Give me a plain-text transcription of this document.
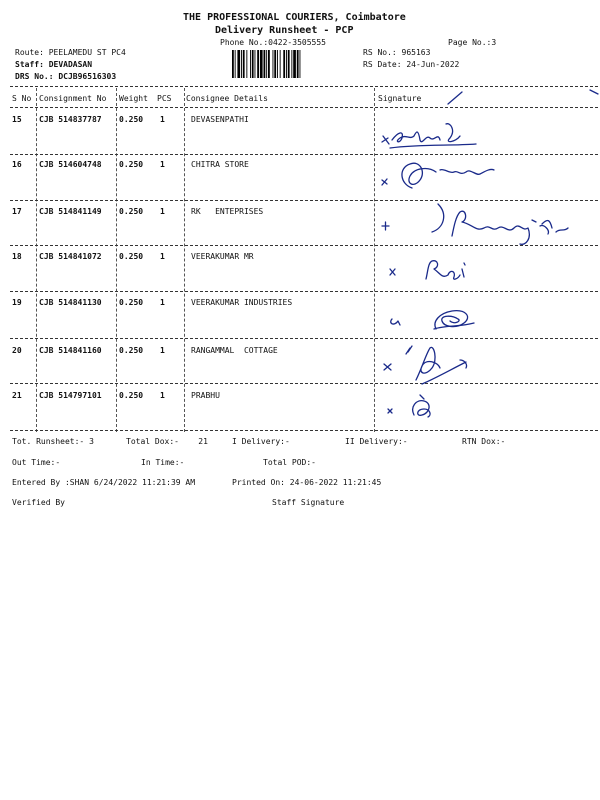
THE PROFESSIONAL COURIERS, Coimbatore
Delivery Runsheet - PCP
Phone No.:0422-3505555	Page No.:3
Route: PEELAMEDU ST PC4
Staff: DEVADASAN
DRS No.: DCJB96516303
RS No.: 965163
RS Date: 24-Jun-2022
S No Consignment No Weight PCS Consignee Details	Signature
15 CJB 514837787 0.250 1	DEVASENPATHI
16 CJB 514604748 0.250 1	CHITRA STORE
17 CJB 514841149 0.250 1	RK   ENTEPRISES
18 CJB 514841072 0.250 1	VEERAKUMAR MR
19 CJB 514841130 0.250 1	VEERAKUMAR INDUSTRIES
20 CJB 514841160 0.250 1	RANGAMMAL  COTTAGE
21 CJB 514797101 0.250 1	PRABHU
Tot. Runsheet:- 3	Total Dox:-    21	I Delivery:-	II Delivery:-	RTN Dox:-
Out Time:-	In Time:-	Total POD:-
Entered By :SHAN 6/24/2022 11:21:39 AM	Printed On: 24-06-2022 11:21:45
Verified By	Staff Signature
